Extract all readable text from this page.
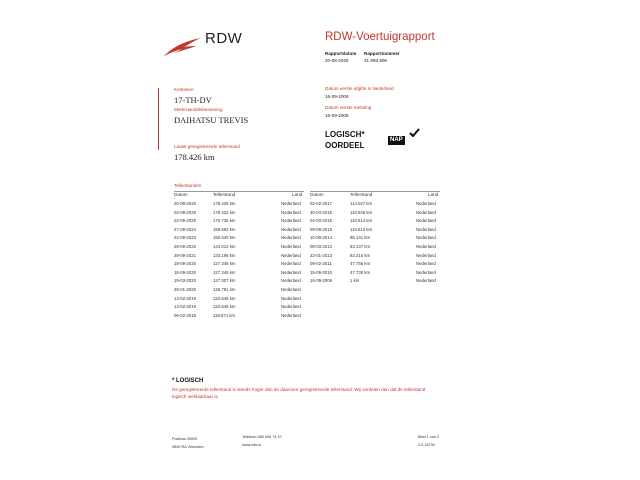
RDW	RDW-Voertuigrapport
Rapportdatum
20-08-2026
Rapportnummer
31.993.906
Kenteken
17-TH-DV
Merk/Handelsbenaming
DAIHATSU TREVIS
Laatst geregistreerde tellerstand
178.426 km
Datum eerste afgifte in Nederland
16-09-2006
Datum eerste toelating
16-09-2006
LOGISCH*
OORDEEL
NAP
Tellerstanden
Datum	Tellerstand	Land
20-08-2026	178.426 km	Nederland
03-08-2026	178.422 km	Nederland
22-09-2025	170.735 km	Nederland
27-09-2024	159.583 km	Nederland
22-09-2023	150.540 km	Nederland
28-09-2022	144.013 km	Nederland
29-09-2021	133.196 km	Nederland
18-09-2020	127.348 km	Nederland
18-09-2020	127.348 km	Nederland
19-03-2020	127.307 km	Nederland
29-01-2020	126.781 km	Nederland
14-02-2019	122.648 km	Nederland
14-02-2019	122.648 km	Nederland
06-02-2018	118.871 km	Nederland
Datum	Tellerstand	Land
02-02-2017	114.027 km	Nederland
30-04-2016	110.546 km	Nederland
04-03-2016	110.514 km	Nederland
09-09-2015	110.512 km	Nederland
10-09-2014	96.141 km	Nederland
08-03-2013	84.137 km	Nederland
22-01-2013	82.215 km	Nederland
09-02-2011	47.756 km	Nederland
15-09-2010	47.739 km	Nederland
16-09-2006	1 km	Nederland
* LOGISCH
De geregistreerde tellerstand is steeds hoger dan de daarvoor geregistreerde tellerstand. Wij oordelen dan dat de tellerstand logisch verklaarbaar is.
Postbus 30000
9640 RA Veendam
Telefoon 088 008 74 47
www.rdw.nl
Blad 1 van 2
2.5.18730
